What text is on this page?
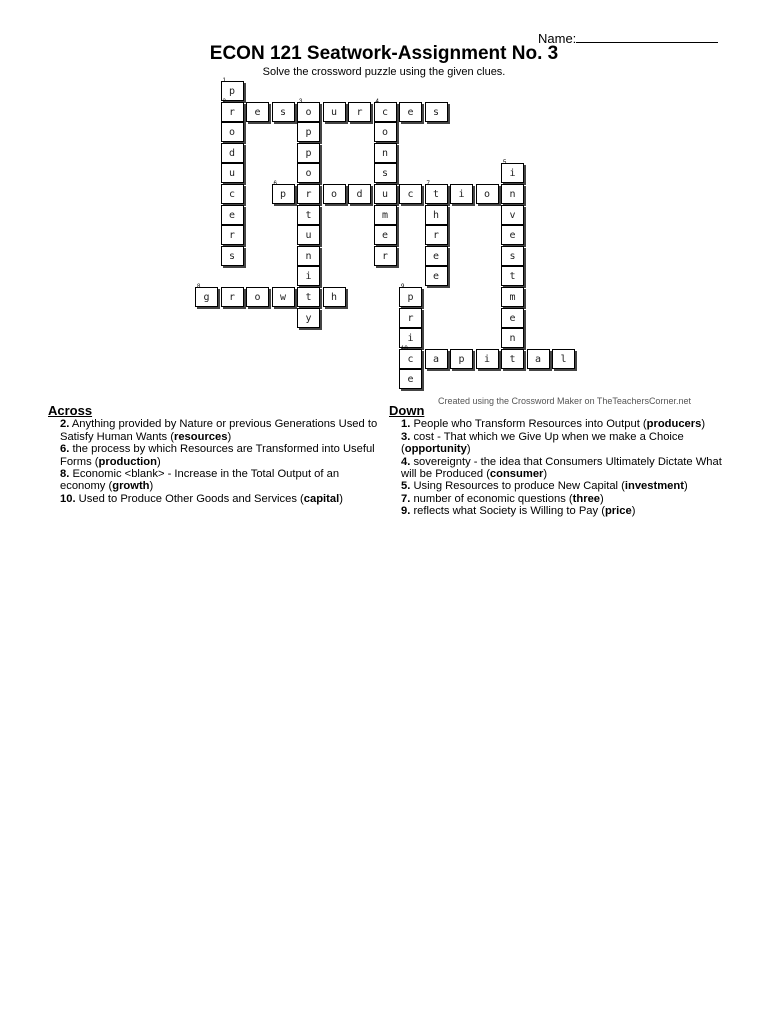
Name:
ECON 121 Seatwork-Assignment No. 3
Solve the crossword puzzle using the given clues.
1
p
2
r	e	s
3
o	u	r
4
c	e	s
o	p	o
d	p	n
u	o	s
5
i
c
6
p	r	o	d	u	c
7
t	i	o	n
e	t	m	h	v
r	u	e	r	e
s	n	r	e	s
i	e	t
8
g	r	o	w	t	h
9
p	m
y	r	e
i	n
10
c	a	p	i	t	a	l
e
Created using the Crossword Maker on TheTeachersCorner.net
Across
2. Anything provided by Nature or previous Generations Used to Satisfy Human Wants (resources)
6. the process by which Resources are Transformed into Useful Forms (production)
8. Economic <blank> - Increase in the Total Output of an economy (growth)
10. Used to Produce Other Goods and Services (capital)
Down
1. People who Transform Resources into Output (producers)
3. cost - That which we Give Up when we make a Choice (opportunity)
4. sovereignty - the idea that Consumers Ultimately Dictate What will be Produced (consumer)
5. Using Resources to produce New Capital (investment)
7. number of economic questions (three)
9. reflects what Society is Willing to Pay (price)
